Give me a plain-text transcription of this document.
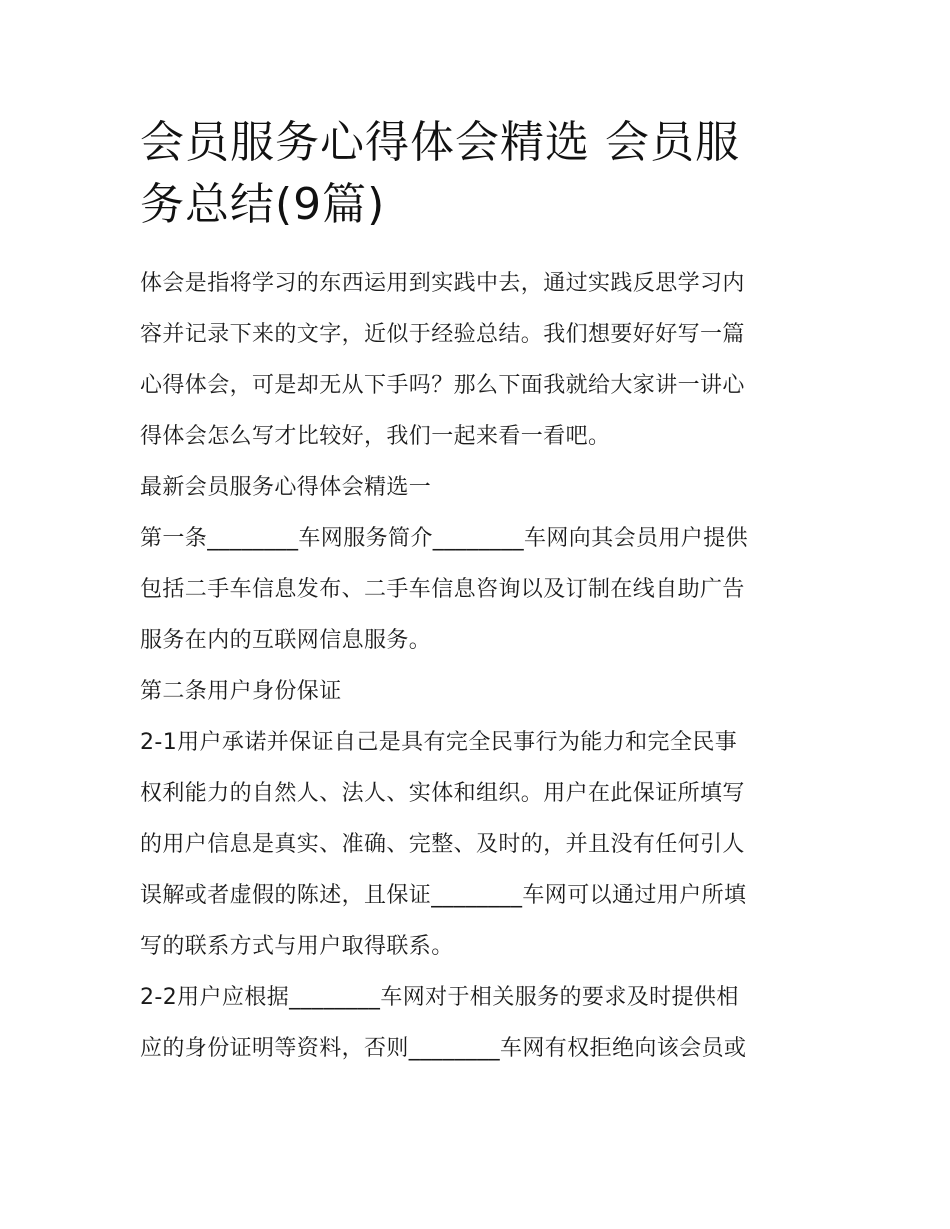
会员服务心得体会精选 会员服
务总结(9篇)

体会是指将学习的东西运用到实践中去，通过实践反思学习内
容并记录下来的文字，近似于经验总结。我们想要好好写一篇
心得体会，可是却无从下手吗？那么下面我就给大家讲一讲心
得体会怎么写才比较好，我们一起来看一看吧。

最新会员服务心得体会精选一

第一条________车网服务简介________车网向其会员用户提供
包括二手车信息发布、二手车信息咨询以及订制在线自助广告
服务在内的互联网信息服务。

第二条用户身份保证

2-1用户承诺并保证自己是具有完全民事行为能力和完全民事
权利能力的自然人、法人、实体和组织。用户在此保证所填写
的用户信息是真实、准确、完整、及时的，并且没有任何引人
误解或者虚假的陈述，且保证________车网可以通过用户所填
写的联系方式与用户取得联系。

2-2用户应根据________车网对于相关服务的要求及时提供相
应的身份证明等资料，否则________车网有权拒绝向该会员或
